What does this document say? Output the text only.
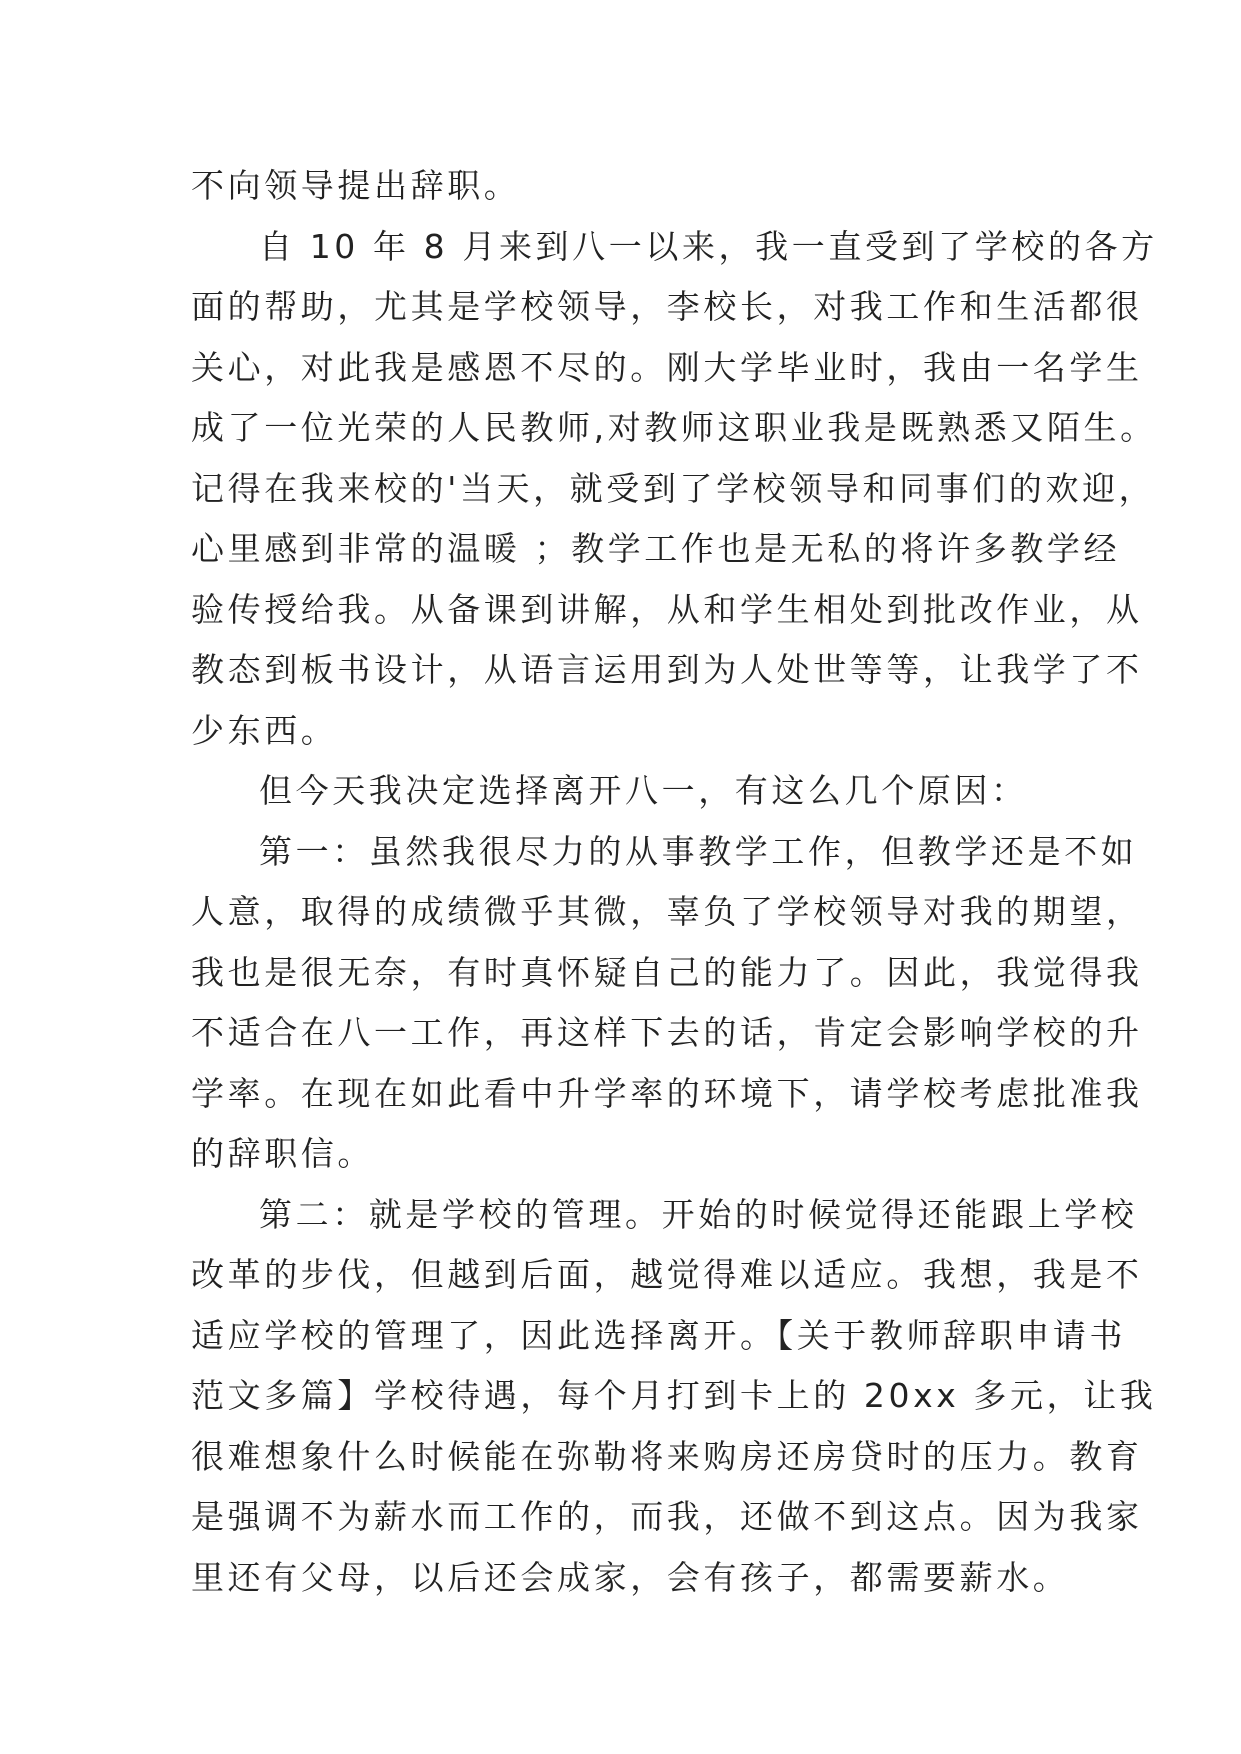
不向领导提出辞职。
自 10 年 8 月来到八一以来，我一直受到了学校的各方
面的帮助，尤其是学校领导，李校长，对我工作和生活都很
关心，对此我是感恩不尽的。刚大学毕业时，我由一名学生
成了一位光荣的人民教师,对教师这职业我是既熟悉又陌生。
记得在我来校的'当天，就受到了学校领导和同事们的欢迎，
心里感到非常的温暖 ；教学工作也是无私的将许多教学经
验传授给我。从备课到讲解，从和学生相处到批改作业，从
教态到板书设计，从语言运用到为人处世等等，让我学了不
少东西。
但今天我决定选择离开八一，有这么几个原因：
第一：虽然我很尽力的从事教学工作，但教学还是不如
人意，取得的成绩微乎其微，辜负了学校领导对我的期望，
我也是很无奈，有时真怀疑自己的能力了。因此，我觉得我
不适合在八一工作，再这样下去的话，肯定会影响学校的升
学率。在现在如此看中升学率的环境下，请学校考虑批准我
的辞职信。
第二：就是学校的管理。开始的时候觉得还能跟上学校
改革的步伐，但越到后面，越觉得难以适应。我想，我是不
适应学校的管理了，因此选择离开。【关于教师辞职申请书
范文多篇】学校待遇，每个月打到卡上的 20xx 多元，让我
很难想象什么时候能在弥勒将来购房还房贷时的压力。教育
是强调不为薪水而工作的，而我，还做不到这点。因为我家
里还有父母，以后还会成家，会有孩子，都需要薪水。
